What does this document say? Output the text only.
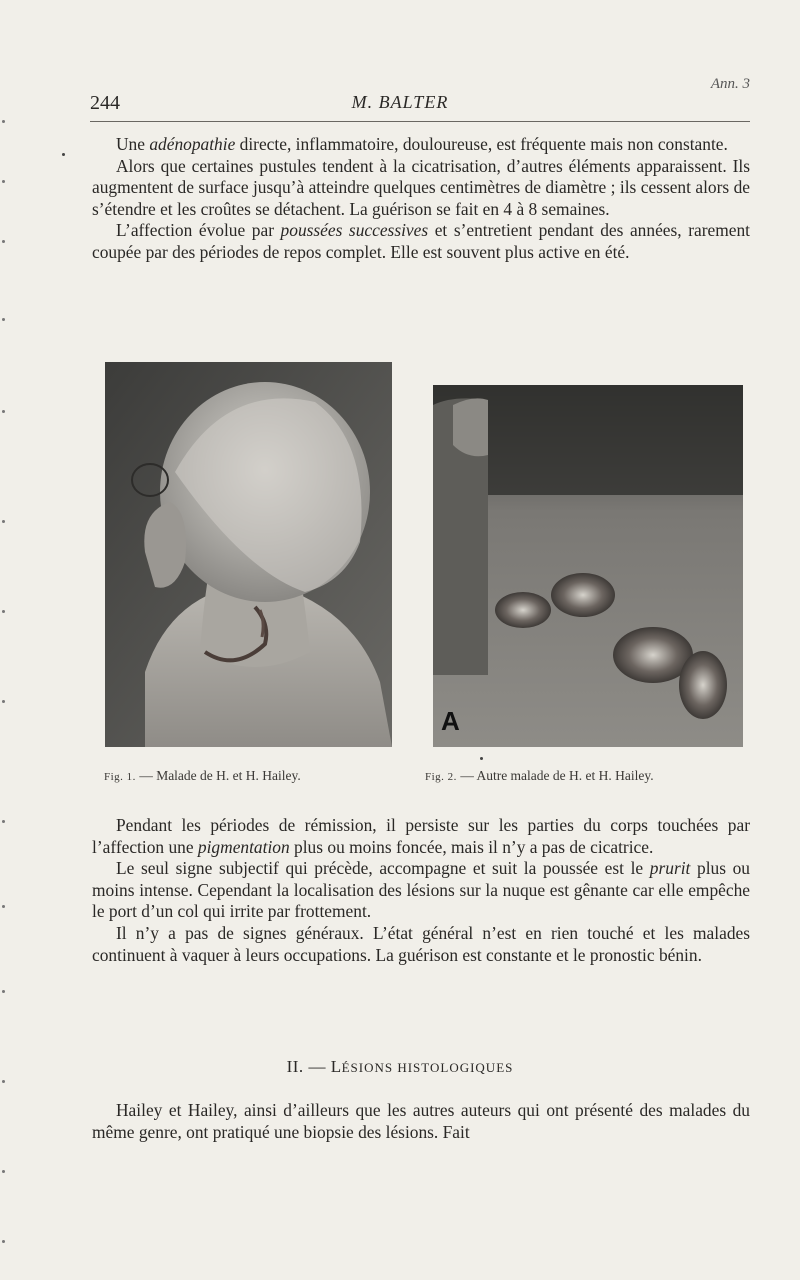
Ann. 3
244	M. BALTER

Une adénopathie directe, inflammatoire, douloureuse, est fréquente mais non constante.

Alors que certaines pustules tendent à la cicatrisation, d’autres éléments apparaissent. Ils augmentent de surface jusqu’à atteindre quelques centimètres de diamètre ; ils cessent alors de s’étendre et les croûtes se détachent. La guérison se fait en 4 à 8 semaines.

L’affection évolue par poussées successives et s’entretient pendant des années, rarement coupée par des périodes de repos complet. Elle est souvent plus active en été.

A
Fig. 1. — Malade de H. et H. Hailey.	Fig. 2. — Autre malade de H. et H. Hailey.

Pendant les périodes de rémission, il persiste sur les parties du corps touchées par l’affection une pigmentation plus ou moins foncée, mais il n’y a pas de cicatrice.

Le seul signe subjectif qui précède, accompagne et suit la poussée est le prurit plus ou moins intense. Cependant la localisation des lésions sur la nuque est gênante car elle empêche le port d’un col qui irrite par frottement.

Il n’y a pas de signes généraux. L’état général n’est en rien touché et les malades continuent à vaquer à leurs occupations. La guérison est constante et le pronostic bénin.

II. — LÉSIONS HISTOLOGIQUES

Hailey et Hailey, ainsi d’ailleurs que les autres auteurs qui ont présenté des malades du même genre, ont pratiqué une biopsie des lésions. Fait
